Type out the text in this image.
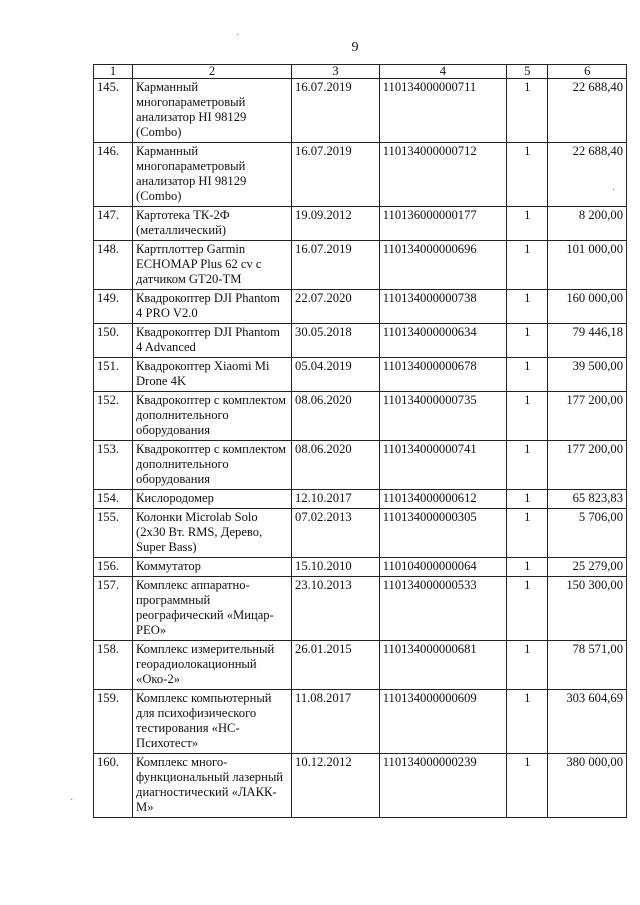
9
1	2	3	4	5	6
145.	Карманный многопараметровый анализатор HI 98129 (Combo)	16.07.2019	110134000000711	1	22 688,40
146.	Карманный многопараметровый анализатор HI 98129 (Combo)	16.07.2019	110134000000712	1	22 688,40
147.	Картотека ТК-2Ф (металлический)	19.09.2012	110136000000177	1	8 200,00
148.	Картплоттер Garmin ECHOMAP Plus 62 cv с датчиком GT20-TM	16.07.2019	110134000000696	1	101 000,00
149.	Квадрокоптер DJI Phantom 4 PRO V2.0	22.07.2020	110134000000738	1	160 000,00
150.	Квадрокоптер DJI Phantom 4 Advanced	30.05.2018	110134000000634	1	79 446,18
151.	Квадрокоптер Xiaomi Mi Drone 4K	05.04.2019	110134000000678	1	39 500,00
152.	Квадрокоптер с комплектом дополнительного оборудования	08.06.2020	110134000000735	1	177 200,00
153.	Квадрокоптер с комплектом дополнительного оборудования	08.06.2020	110134000000741	1	177 200,00
154.	Кислородомер	12.10.2017	110134000000612	1	65 823,83
155.	Колонки Microlab Solo (2x30 Вт. RMS, Дерево, Super Bass)	07.02.2013	110134000000305	1	5 706,00
156.	Коммутатор	15.10.2010	110104000000064	1	25 279,00
157.	Комплекс аппаратно-программный реографический «Мицар-РЕО»	23.10.2013	110134000000533	1	150 300,00
158.	Комплекс измерительный георадиолокационный «Око-2»	26.01.2015	110134000000681	1	78 571,00
159.	Комплекс компьютерный для психофизического тестирования «НС-Психотест»	11.08.2017	110134000000609	1	303 604,69
160.	Комплекс много-функциональный лазерный диагностический «ЛАКК-М»	10.12.2012	110134000000239	1	380 000,00
·
·
·
